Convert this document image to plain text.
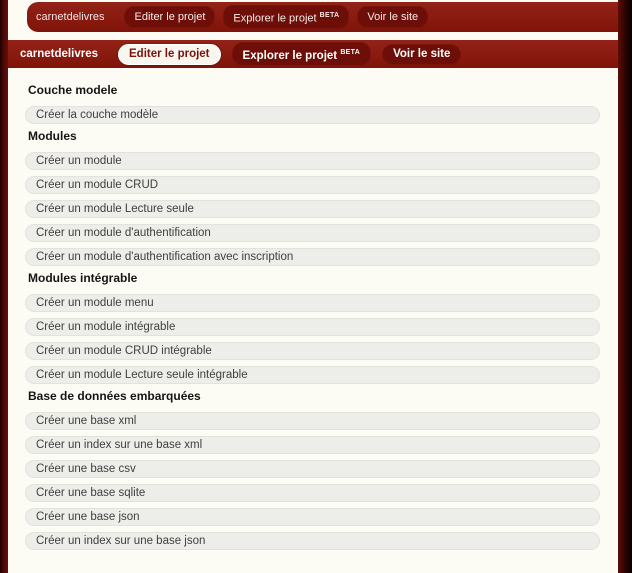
carnetdelivres	Editer le projet	Explorer le projet $^{BETA}$	Voir le site
carnetdelivres	Editer le projet	Explorer le projet $^{BETA}$	Voir le site
Couche modele
Créer la couche modèle
Modules
Créer un module
Créer un module CRUD
Créer un module Lecture seule
Créer un module d'authentification
Créer un module d'authentification avec inscription
Modules intégrable
Créer un module menu
Créer un module intégrable
Créer un module CRUD intégrable
Créer un module Lecture seule intégrable
Base de données embarquées
Créer une base xml
Créer un index sur une base xml
Créer une base csv
Créer une base sqlite
Créer une base json
Créer un index sur une base json
